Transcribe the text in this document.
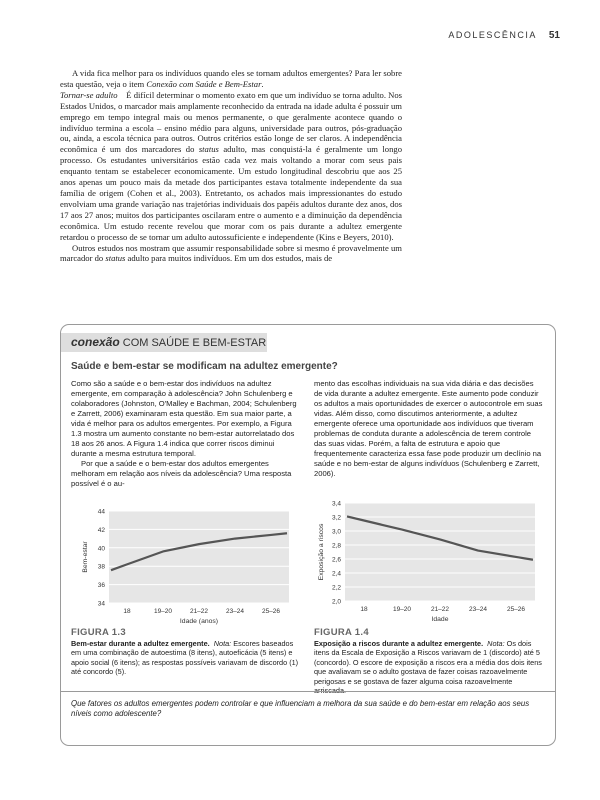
ADOLESCÊNCIA 51

A vida fica melhor para os indivíduos quando eles se tornam adultos emergentes? Para ler sobre esta questão, veja o item Conexão com Saúde e Bem-Estar.

Tornar-se adulto É difícil determinar o momento exato em que um indivíduo se torna adulto. Nos Estados Unidos, o marcador mais amplamente reconhecido da entrada na idade adulta é possuir um emprego em tempo integral mais ou menos permanente, o que geralmente acontece quando o indivíduo termina a escola – ensino médio para alguns, universidade para outros, pós-graduação ou, ainda, a escola técnica para outros. Outros critérios estão longe de ser claros. A independência econômica é um dos marcadores do status adulto, mas conquistá-la é geralmente um longo processo. Os estudantes universitários estão cada vez mais voltando a morar com seus pais enquanto tentam se estabelecer economicamente. Um estudo longitudinal descobriu que aos 25 anos apenas um pouco mais da metade dos participantes estava totalmente independente da sua família de origem (Cohen et al., 2003). Entretanto, os achados mais impressionantes do estudo envolviam uma grande variação nas trajetórias individuais dos papéis adultos durante dez anos, dos 17 aos 27 anos; muitos dos participantes oscilaram entre o aumento e a diminuição da dependência econômica. Um estudo recente revelou que morar com os pais durante a adultez emergente retardou o processo de se tornar um adulto autossuficiente e independente (Kins e Beyers, 2010).

Outros estudos nos mostram que assumir responsabilidade sobre si mesmo é provavelmente um marcador do status adulto para muitos indivíduos. Em um dos estudos, mais de

conexão COM SAÚDE E BEM-ESTAR
Saúde e bem-estar se modificam na adultez emergente?

Como são a saúde e o bem-estar dos indivíduos na adultez emergente, em comparação à adolescência? John Schulenberg e colaboradores (Johnston, O'Malley e Bachman, 2004; Schulenberg e Zarrett, 2006) examinaram esta questão. Em sua maior parte, a vida é melhor para os adultos emergentes. Por exemplo, a Figura 1.3 mostra um aumento constante no bem-estar autorrelatado dos 18 aos 26 anos. A Figura 1.4 indica que correr riscos diminui durante a mesma estrutura temporal.

Por que a saúde e o bem-estar dos adultos emergentes melhoram em relação aos níveis da adolescência? Uma resposta possível é o au-

mento das escolhas individuais na sua vida diária e das decisões de vida durante a adultez emergente. Este aumento pode conduzir os adultos a mais oportunidades de exercer o autocontrole em suas vidas. Além disso, como discutimos anteriormente, a adultez emergente oferece uma oportunidade aos indivíduos que tiveram problemas de conduta durante a adolescência de terem controle das suas vidas. Porém, a falta de estrutura e apoio que frequentemente caracteriza essa fase pode produzir um declínio na saúde e no bem-estar de alguns indivíduos (Schulenberg e Zarrett, 2006).

34
36
38
40
42
44
18	19–20	21–22	23–24	25–26
Idade (anos)
Bem-estar
2,0
2,2
2,4
2,6
2,8
3,0
3,2
3,4
18	19–20	21–22	23–24	25–26
Idade
Exposição a riscos
FIGURA 1.3
Bem-estar durante a adultez emergente. Nota: Escores baseados em uma combinação de autoestima (8 itens), autoeficácia (5 itens) e apoio social (6 itens); as respostas possíveis variavam de discordo (1) até concordo (5).
FIGURA 1.4
Exposição a riscos durante a adultez emergente. Nota: Os dois itens da Escala de Exposição a Riscos variavam de 1 (discordo) até 5 (concordo). O escore de exposição a riscos era a média dos dois itens que avaliavam se o adulto gostava de fazer coisas razoavelmente perigosas e se gostava de fazer alguma coisa razoavelmente arriscada.
Que fatores os adultos emergentes podem controlar e que influenciam a melhora da sua saúde e do bem-estar em relação aos seus níveis como adolescente?
